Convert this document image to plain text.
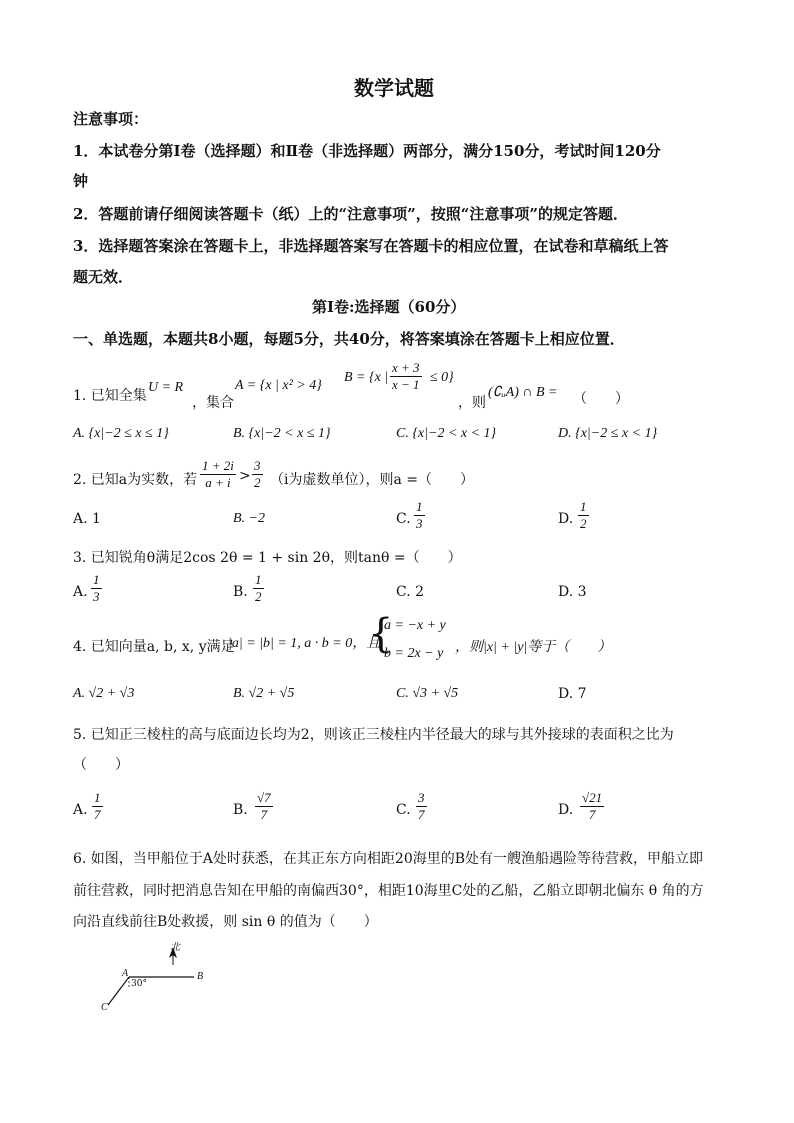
数学试题
注意事项：
1．本试卷分第Ⅰ卷（选择题）和Ⅱ卷（非选择题）两部分，满分150分，考试时间120分
钟
2．答题前请仔细阅读答题卡（纸）上的“注意事项”，按照“注意事项”的规定答题．
3．选择题答案涂在答题卡上，非选择题答案写在答题卡的相应位置，在试卷和草稿纸上答
题无效．
第Ⅰ卷:选择题（60分）
一、单选题，本题共8小题，每题5分，共40分，将答案填涂在答题卡上相应位置．
1. 已知全集
U = R
，集合
A = {x | x² > 4}
B = {x | $\frac{x + 3}{x - 1} \le 0$}
，则
(∁ᵤA) ∩ B = （　　）
A. {x|−2 ≤ x ≤ 1}	B. {x|−2 < x ≤ 1}	C. {x|−2 < x < 1}	D. {x|−2 ≤ x < 1}
2. 已知a为实数，若 $\frac{1 + 2i}{a + i} > \frac{3}{2} (i$为虚数单位），则a =（　　）
A. 1	B. −2	C. $\frac{1}{3}$	D. $\frac{1}{2}$
3. 已知锐角θ满足2cos 2θ = 1 + sin 2θ，则tanθ =（　　）
A. $\frac{1}{3}$	B. $\frac{1}{2}$	C. 2	D. 3
4. 已知向量a, b, x, y满足
|a| = |b| = 1, a · b = 0，且
{
a = −x + y
b = 2x − y ，则|x| + |y|等于（　　）
A. √2 + √3	B. √2 + √5	C. √3 + √5	D. 7
5. 已知正三棱柱的高与底面边长均为2，则该正三棱柱内半径最大的球与其外接球的表面积之比为
（　　）
A. $\frac{1}{7}$	B. $\frac{√7}{7}$	C. $\frac{3}{7}$	D. $\frac{√21}{7}$
6. 如图，当甲船位于A处时获悉，在其正东方向相距20海里的B处有一艘渔船遇险等待营救，甲船立即
前往营救，同时把消息告知在甲船的南偏西30°，相距10海里C处的乙船，乙船立即朝北偏东 θ 角的方
向沿直线前往B处救援，则 sin θ 的值为（　　）
北
A	B
C
30°
